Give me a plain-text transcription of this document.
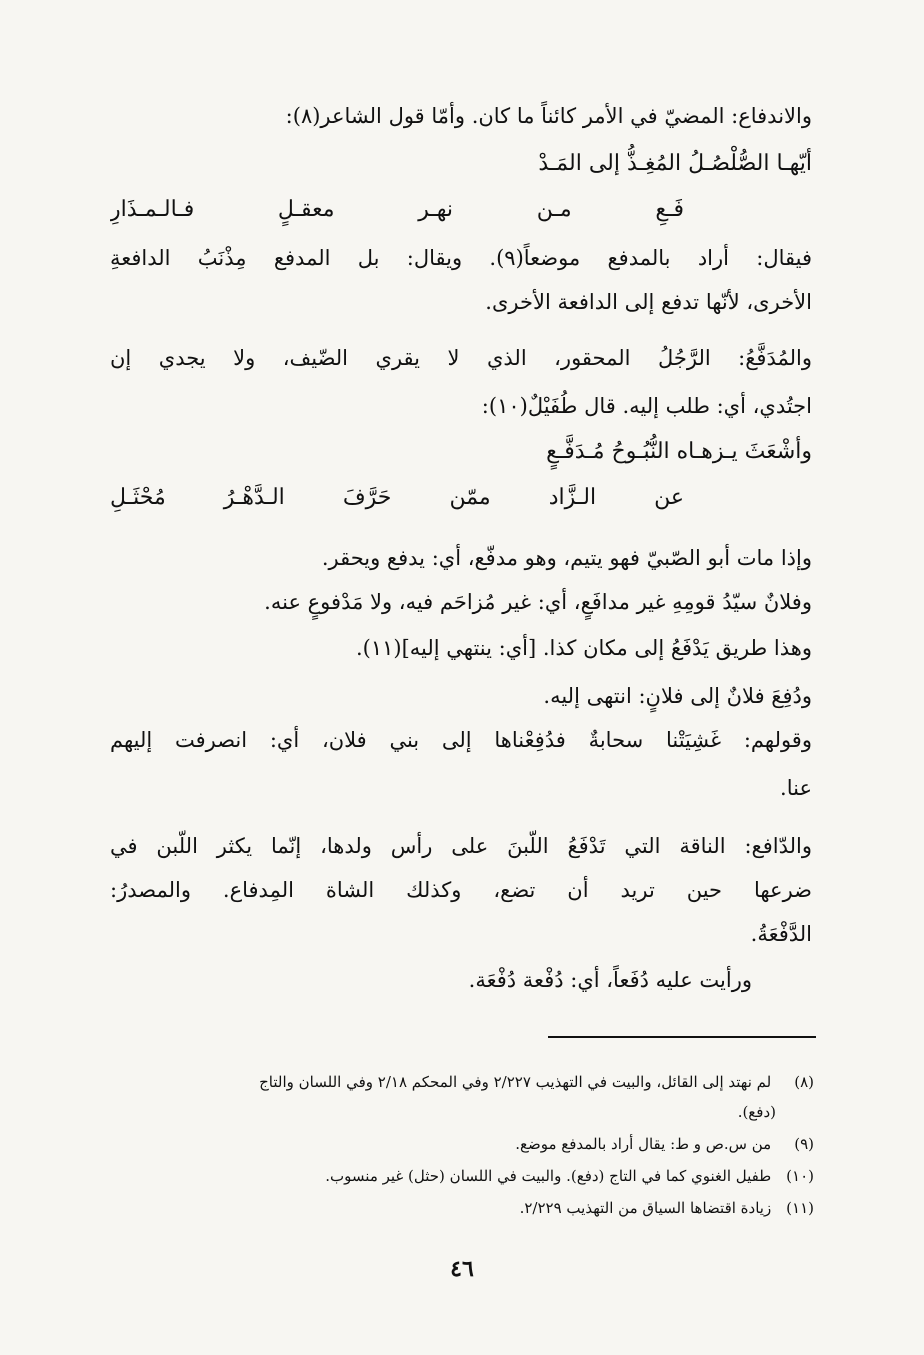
والاندفاع: المضيّ في الأمر كائناً ما كان. وأمّا قول الشاعر(٨):
أيّهـا الصُّلْصُـلُ المُغِـذُّ إلى المَـدْ
فَـعِ مـن نهـر معقـلٍ فـالـمـذَارِ
فيقال: أراد بالمدفع موضعاً(٩). ويقال: بل المدفع مِذْنَبُ الدافعةِ
الأخرى، لأنّها تدفع إلى الدافعة الأخرى.
والمُدَفَّعُ: الرَّجُلُ المحقور، الذي لا يقري الضّيف، ولا يجدي إن
اجتُدي، أي: طلب إليه. قال طُفَيْلٌ(١٠):
وأشْعَثَ يـزهـاه النُّبُـوحُ مُـدَفَّـعٍ
عن الـزَّاد ممّن حَرَّفَ الـدَّهْـرُ مُحْثَـلِ
وإذا مات أبو الصّبيّ فهو يتيم، وهو مدفّع، أي: يدفع ويحقر.
وفلانٌ سيّدُ قومِهِ غير مدافَعٍ، أي: غير مُزاحَم فيه، ولا مَدْفوعٍ عنه.
وهذا طريق يَدْفَعُ إلى مكان كذا. [أي: ينتهي إليه](١١).
ودُفِعَ فلانٌ إلى فلانٍ: انتهى إليه.
وقولهم: غَشِيَتْنا سحابةٌ فدُفِعْناها إلى بني فلان، أي: انصرفت إليهم
عنا.
والدّافع: الناقة التي تَدْفَعُ اللّبنَ على رأس ولدها، إنّما يكثر اللّبن في
ضرعها حين تريد أن تضع، وكذلك الشاة المِدفاع. والمصدرُ:
الدَّفْعَةُ.
ورأيت عليه دُفَعاً، أي: دُفْعة دُفْعَة.
(٨) لم نهتد إلى القائل، والبيت في التهذيب ٢/٢٢٧ وفي المحكم ٢/١٨ وفي اللسان والتاج
(دفع).
(٩) من س.ص و ط: يقال أراد بالمدفع موضع.
(١٠) طفيل الغنوي كما في التاج (دفع). والبيت في اللسان (حثل) غير منسوب.
(١١) زيادة اقتضاها السياق من التهذيب ٢/٢٢٩.
٤٦
